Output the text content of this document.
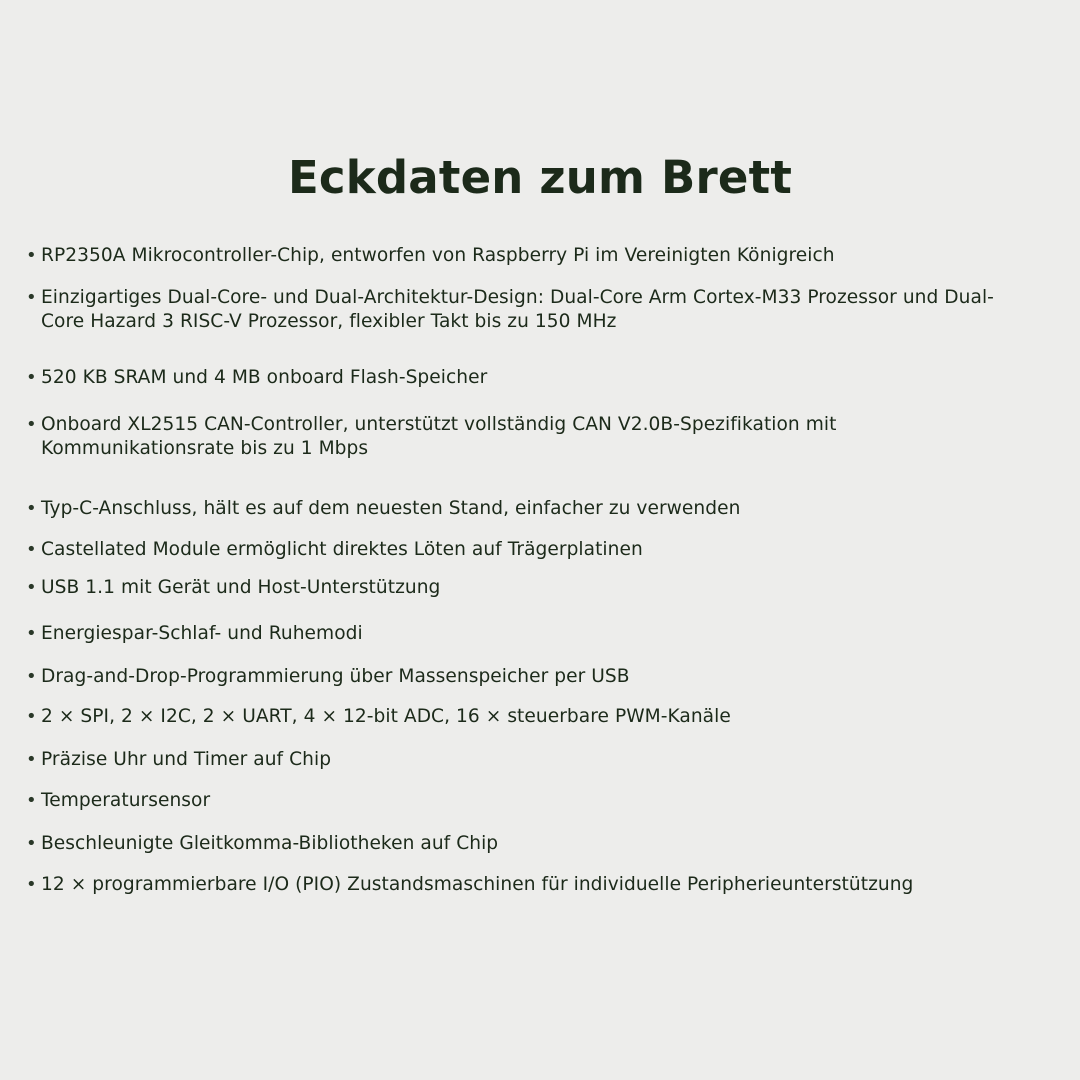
Eckdaten zum Brett
• RP2350A Mikrocontroller-Chip, entworfen von Raspberry Pi im Vereinigten Königreich
• Einzigartiges Dual-Core- und Dual-Architektur-Design: Dual-Core Arm Cortex-M33 Prozessor und Dual-Core Hazard 3 RISC-V Prozessor, flexibler Takt bis zu 150 MHz
• 520 KB SRAM und 4 MB onboard Flash-Speicher
• Onboard XL2515 CAN-Controller, unterstützt vollständig CAN V2.0B-Spezifikation mit Kommunikationsrate bis zu 1 Mbps
• Typ-C-Anschluss, hält es auf dem neuesten Stand, einfacher zu verwenden
• Castellated Module ermöglicht direktes Löten auf Trägerplatinen
• USB 1.1 mit Gerät und Host-Unterstützung
• Energiespar-Schlaf- und Ruhemodi
• Drag-and-Drop-Programmierung über Massenspeicher per USB
• 2 × SPI, 2 × I2C, 2 × UART, 4 × 12-bit ADC, 16 × steuerbare PWM-Kanäle
• Präzise Uhr und Timer auf Chip
• Temperatursensor
• Beschleunigte Gleitkomma-Bibliotheken auf Chip
• 12 × programmierbare I/O (PIO) Zustandsmaschinen für individuelle Peripherieunterstützung
